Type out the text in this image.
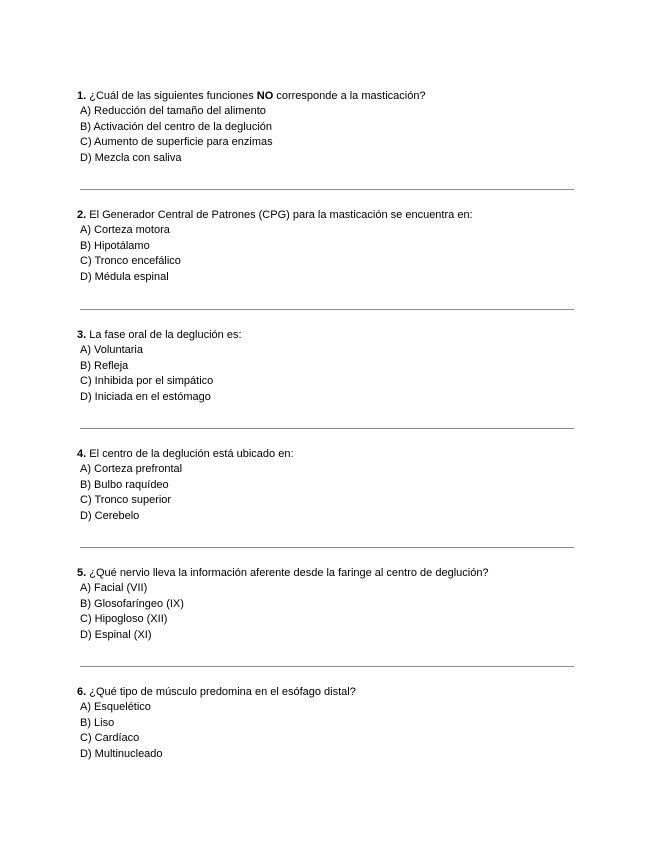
1. ¿Cuál de las siguientes funciones NO corresponde a la masticación?
A) Reducción del tamaño del alimento
B) Activación del centro de la deglución
C) Aumento de superficie para enzimas
D) Mezcla con saliva
2. El Generador Central de Patrones (CPG) para la masticación se encuentra en:
A) Corteza motora
B) Hipotálamo
C) Tronco encefálico
D) Médula espinal
3. La fase oral de la deglución es:
A) Voluntaria
B) Refleja
C) Inhibida por el simpático
D) Iniciada en el estómago
4. El centro de la deglución está ubicado en:
A) Corteza prefrontal
B) Bulbo raquídeo
C) Tronco superior
D) Cerebelo
5. ¿Qué nervio lleva la información aferente desde la faringe al centro de deglución?
A) Facial (VII)
B) Glosofaríngeo (IX)
C) Hipogloso (XII)
D) Espinal (XI)
6. ¿Qué tipo de músculo predomina en el esófago distal?
A) Esquelético
B) Liso
C) Cardíaco
D) Multinucleado
